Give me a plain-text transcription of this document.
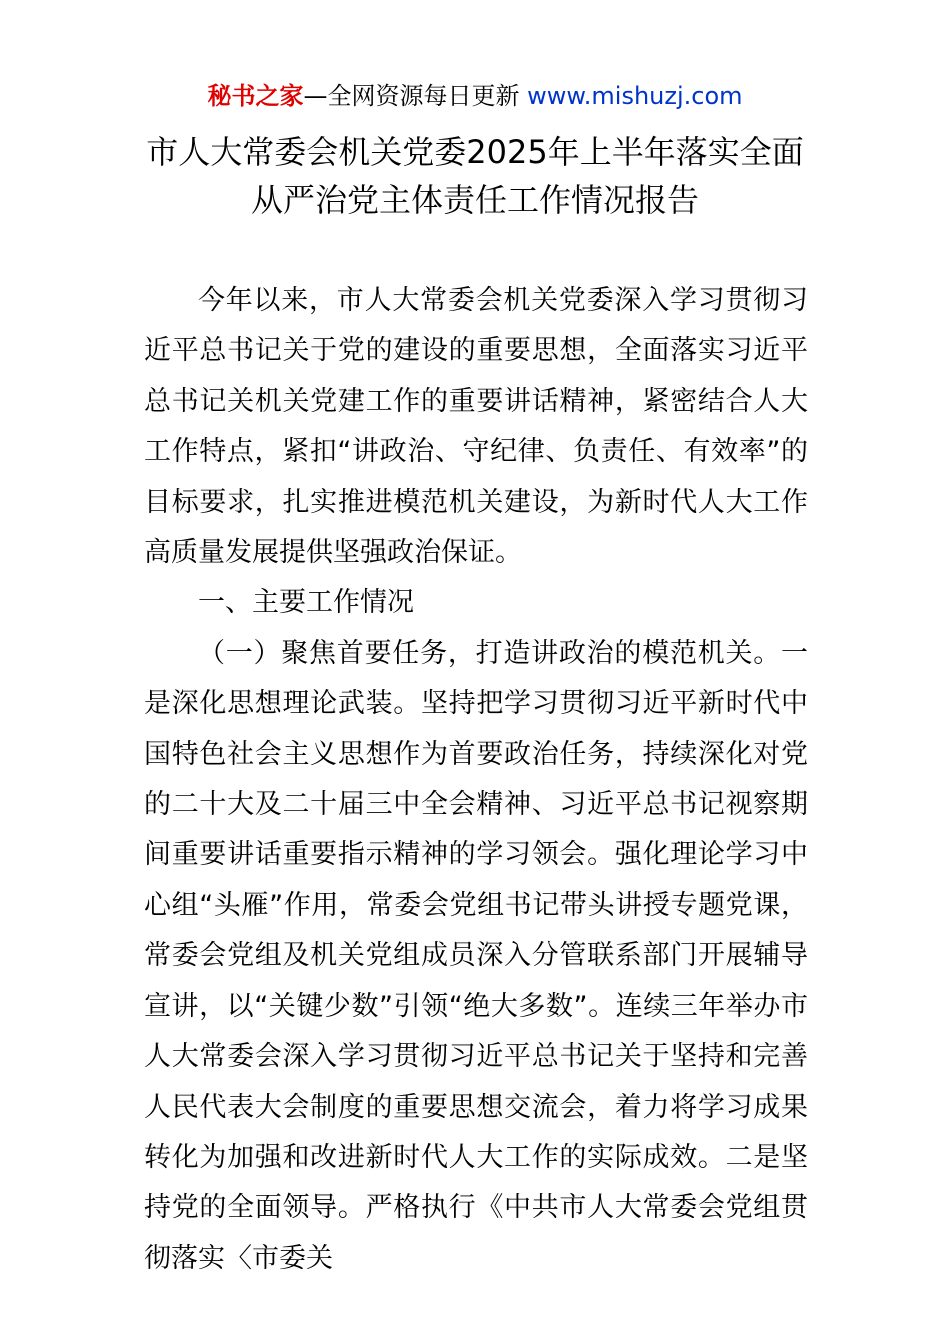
秘书之家—全网资源每日更新 www.mishuzj.com
市人大常委会机关党委2025年上半年落实全面
从严治党主体责任工作情况报告

今年以来，市人大常委会机关党委深入学习贯彻习近平总书记关于党的建设的重要思想，全面落实习近平总书记关机关党建工作的重要讲话精神，紧密结合人大工作特点，紧扣“讲政治、守纪律、负责任、有效率”的目标要求，扎实推进模范机关建设，为新时代人大工作高质量发展提供坚强政治保证。

一、主要工作情况

（一）聚焦首要任务，打造讲政治的模范机关。一是深化思想理论武装。坚持把学习贯彻习近平新时代中国特色社会主义思想作为首要政治任务，持续深化对党的二十大及二十届三中全会精神、习近平总书记视察期间重要讲话重要指示精神的学习领会。强化理论学习中心组“头雁”作用，常委会党组书记带头讲授专题党课，常委会党组及机关党组成员深入分管联系部门开展辅导宣讲，以“关键少数”引领“绝大多数”。连续三年举办市人大常委会深入学习贯彻习近平总书记关于坚持和完善人民代表大会制度的重要思想交流会，着力将学习成果转化为加强和改进新时代人大工作的实际成效。二是坚持党的全面领导。严格执行《中共市人大常委会党组贯彻落实〈市委关
